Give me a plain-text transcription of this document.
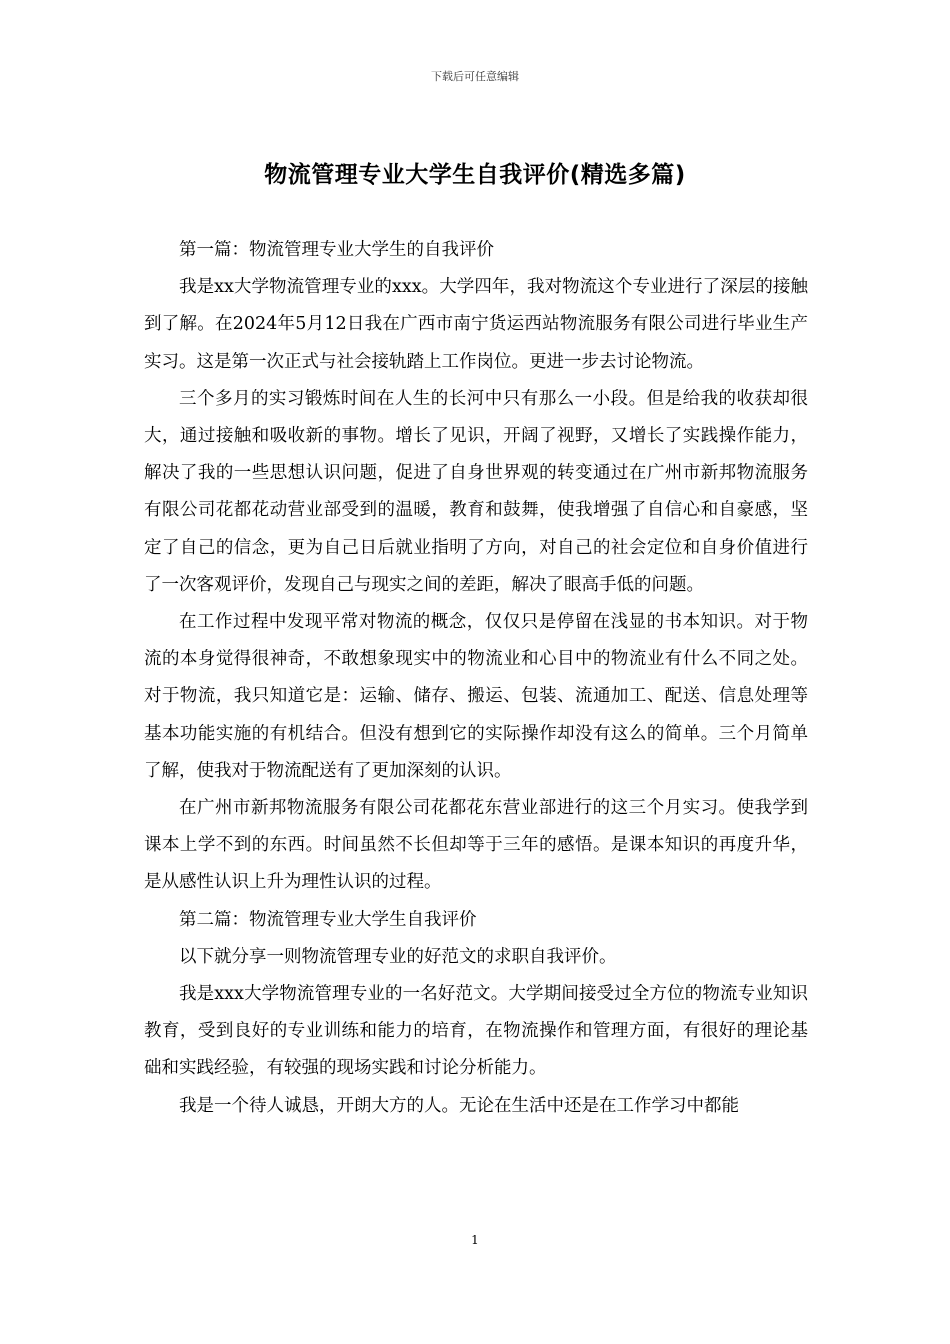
下载后可任意编辑
物流管理专业大学生自我评价(精选多篇)

第一篇：物流管理专业大学生的自我评价

我是xx大学物流管理专业的xxx。大学四年，我对物流这个专业进行了深层的接触到了解。在2024年5月12日我在广西市南宁货运西站物流服务有限公司进行毕业生产实习。这是第一次正式与社会接轨踏上工作岗位。更进一步去讨论物流。

三个多月的实习锻炼时间在人生的长河中只有那么一小段。但是给我的收获却很大，通过接触和吸收新的事物。增长了见识，开阔了视野，又增长了实践操作能力，解决了我的一些思想认识问题，促进了自身世界观的转变通过在广州市新邦物流服务有限公司花都花动营业部受到的温暖，教育和鼓舞，使我增强了自信心和自豪感，坚定了自己的信念，更为自己日后就业指明了方向，对自己的社会定位和自身价值进行了一次客观评价，发现自己与现实之间的差距，解决了眼高手低的问题。

在工作过程中发现平常对物流的概念，仅仅只是停留在浅显的书本知识。对于物流的本身觉得很神奇，不敢想象现实中的物流业和心目中的物流业有什么不同之处。对于物流，我只知道它是：运输、储存、搬运、包装、流通加工、配送、信息处理等基本功能实施的有机结合。但没有想到它的实际操作却没有这么的简单。三个月简单了解，使我对于物流配送有了更加深刻的认识。

在广州市新邦物流服务有限公司花都花东营业部进行的这三个月实习。使我学到课本上学不到的东西。时间虽然不长但却等于三年的感悟。是课本知识的再度升华，是从感性认识上升为理性认识的过程。

第二篇：物流管理专业大学生自我评价

以下就分享一则物流管理专业的好范文的求职自我评价。

我是xxx大学物流管理专业的一名好范文。大学期间接受过全方位的物流专业知识教育，受到良好的专业训练和能力的培育，在物流操作和管理方面，有很好的理论基础和实践经验，有较强的现场实践和讨论分析能力。

我是一个待人诚恳，开朗大方的人。无论在生活中还是在工作学习中都能

1
